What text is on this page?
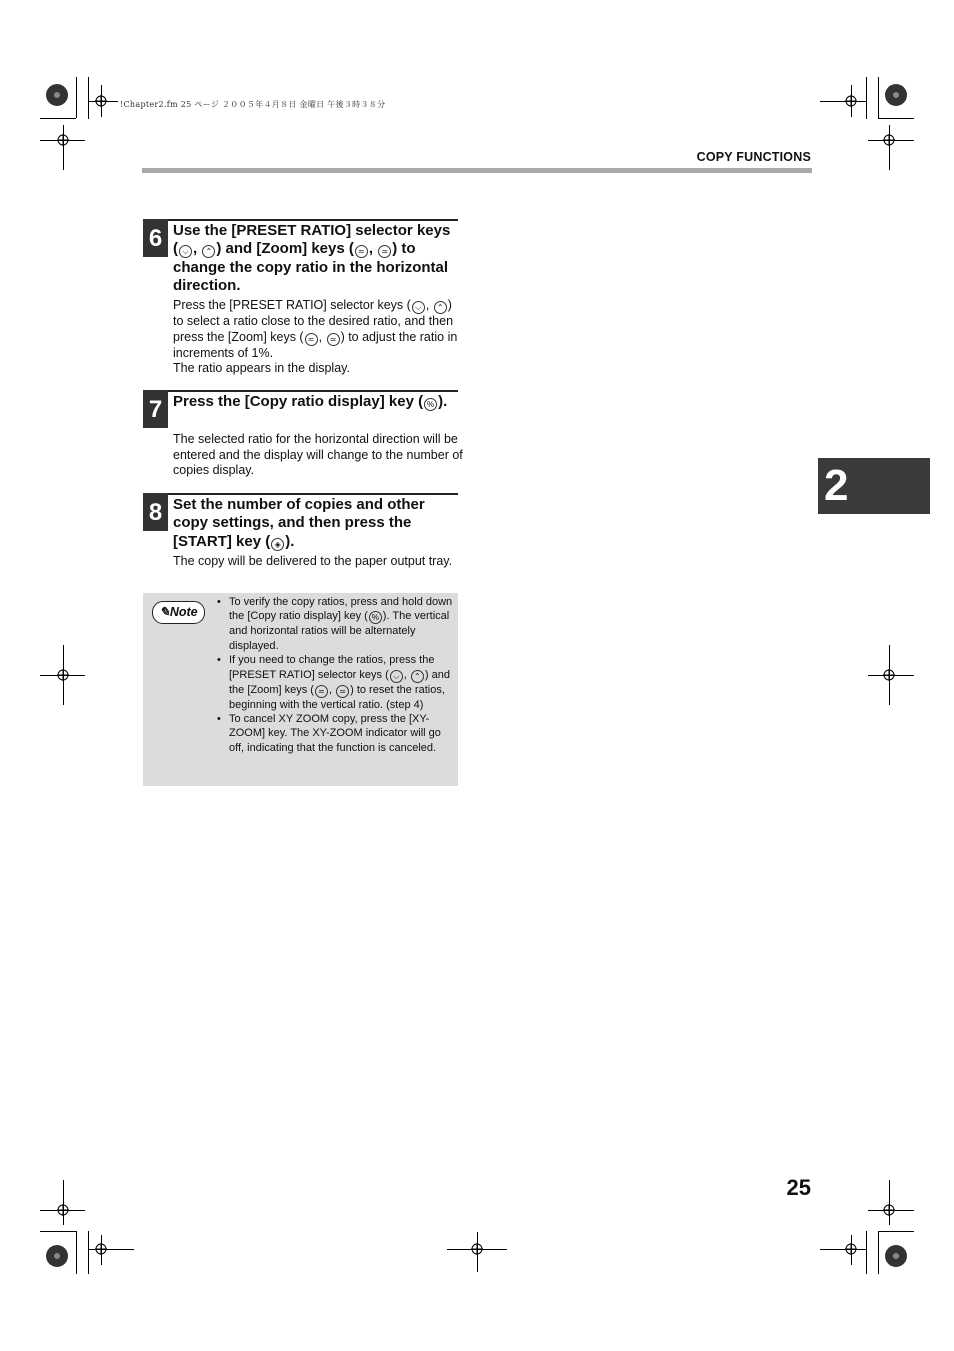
!Chapter2.fm 25 ページ ２００５年４月８日 金曜日 午後３時３８分
COPY FUNCTIONS
6 Use the [PRESET RATIO] selector keys ( ⌵ , ⌃ ) and [Zoom] keys ( ≂ , ≃ ) to change the copy ratio in the horizontal direction.
Press the [PRESET RATIO] selector keys ( ⌵ , ⌃ ) to select a ratio close to the desired ratio, and then press the [Zoom] keys ( ≂ , ≃ ) to adjust the ratio in increments of 1%.
The ratio appears in the display.
7 Press the [Copy ratio display] key ( % ).
The selected ratio for the horizontal direction will be entered and the display will change to the number of copies display.
8 Set the number of copies and other copy settings, and then press the [START] key ( ◈ ).
The copy will be delivered to the paper output tray.
✎Note
• To verify the copy ratios, press and hold down the [Copy ratio display] key ( % ). The vertical and horizontal ratios will be alternately displayed.
• If you need to change the ratios, press the [PRESET RATIO] selector keys ( ⌵ , ⌃ ) and the [Zoom] keys ( ≂ , ≃ ) to reset the ratios, beginning with the vertical ratio. (step 4)
• To cancel XY ZOOM copy, press the [XY-ZOOM] key. The XY-ZOOM indicator will go off, indicating that the function is canceled.
2
25
